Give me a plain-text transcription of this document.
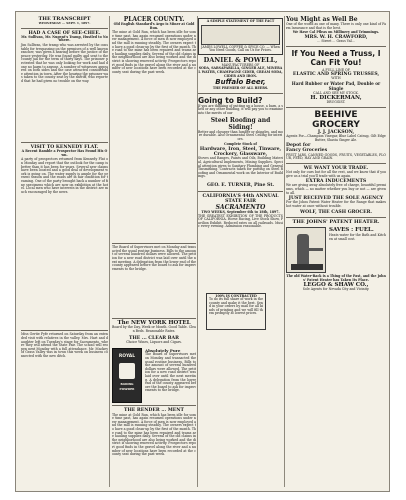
THE TRANSCRIPT
WEDNESDAY ... SEPT. 1, 1897.
HAD A CASE OF SEE-CHEE.
Mr. Sullivan, Mr. Nugent's Tramp, Hustled to Nowhere.
Jim Sullivan, the tramp who was arrested by the constable for trespassing on the premises of a well known rancher, was given a hearing before the justice of the peace yesterday. He was found guilty and sent to the county jail for the term of thirty days. The prisoner protested that he was only looking for work and had done no harm to anyone. A number of witnesses appeared on both sides and the case attracted considerable attention in town. After the hearing the prisoner was taken to the county seat by the sheriff, who reported that he had given no trouble on the way.
VISIT TO KENNEDY FLAT.
A Recent Ramble a Prospector Has Found His Own.
A party of prospectors returned from Kennedy Flat on Monday and report that the outlook for the camp is better than it has been for years. Several new claims have been located and a good deal of development work is going on. The water supply is ample for the present season and the roads are in fair condition for teaming. One of the party brought back a number of fine specimens which are now on exhibition at the hotel. Local men who have interests in the district are much encouraged by the news.
Miss Gertie Fyfe returned on Saturday from an extended visit with relatives in the valley. Mrs. Hart and daughter left on Tuesday's stage for Sacramento, where they will attend the State Fair. The school will reopen next Monday with a full attendance. Mr. Mackey of Grass Valley was in town this week on business connected with the new ditch.
PLACER COUNTY.
Old English Standard's Argo is Miner at Gold Run.
The mine at Gold Run, which has been idle for some time past, has again resumed operations under new management. A force of men is now employed and the mill is running steadily. The owners expect to have a good clean-up by the first of the month. The road to the mine has been repaired and teams are hauling supplies daily. Several of the old claims in the neighborhood are also being worked and the district is showing renewed activity. Prospectors report good finds in the gravel along the river and a number of new locations have been recorded at the county seat during the past week.
The Board of Supervisors met on Monday and transacted the usual routine business. Bills to the amount of several hundred dollars were allowed. The petition for a new road district was laid over until the next meeting. A delegation from the lower end of the county appeared before the board to ask for improvements to the bridge.
The NEW YORK HOTEL
Board by the Day, Week or Month. Good Table. Clean Beds. Reasonable Rates.
THE ... CLEAR BAR
Choice Wines, Liquors and Cigars.
ROYAL
BAKING POWDER
Absolutely Pure
The Board of Supervisors met on Monday and transacted the usual routine business. Bills to the amount of several hundred dollars were allowed. The petition for a new road district was laid over until the next meeting. A delegation from the lower end of the county appeared before the board to ask for improvements to the bridge.
THE RENDER ... MENT
The mine at Gold Run, which has been idle for some time past, has again resumed operations under new management. A force of men is now employed and the mill is running steadily. The owners expect to have a good clean-up by the first of the month. The road to the mine has been repaired and teams are hauling supplies daily. Several of the old claims in the neighborhood are also being worked and the district is showing renewed activity. Prospectors report good finds in the gravel along the river and a number of new locations have been recorded at the county seat during the past week.
A SIMPLE STATEMENT OF THE FACT
JAMES LOWELL COFFEE & SPICE CO. — When You Need Goods, Call on Us for Prices.
DANIEL & POWELL,
MANUFACTURERS OF
SODA, SARSAPARILLA, GINGER ALE, MINERAL WATER, CHAMPAGNE CIDER, CREAM SODA, CIDER AND IRON.
Buffalo Beer,
THE PREMIER OF ALL BEERS.
Going to Build?
If you are thinking of putting up a house, a barn, a shed or any other building, it will pay you to examine into the merits of our
Steel Roofing and Siding!
Better and cheaper than lumber or shingles, and more durable. Also Ornamental Steel Ceiling for interiors.
Complete Stock of
Hardware, Iron, Steel, Tinware, Crockery, Glassware,
Stoves and Ranges, Paints and Oils, Building Material, Agricultural Implements, Mining Supplies. Special attention given to Sanitary Plumbing and General Tinsmithing. Contracts taken for putting on Steel Roofing and Ornamental work on the Interior of Buildings.
GEO. E. TURNER, Pine St.
CALIFORNIA'S 44th ANNUAL STATE FAIR
SACRAMENTO
TWO WEEKS, September 6th to 18th, 1897.
THE GREATEST EXHIBITION OF THE PRODUCTS OF CALIFORNIA. Horse Racing, Live Stock Show, Pavilion Exhibit. Reduced rates on all railroads. Music every evening. Admission reasonable.
100% IS CONTRACTED
To do its full share of work in the county and make it the best. Send in your orders by mail for all kinds of printing and we will fill them promptly at lowest prices.
You Might as Well Be
One of the world as one of many. There is only one kind of Farm Insurance and that is the best.
We Have Cal Pfleas on Millinery and Trimmings.
MRS. W. H. CRAWFORD,
... Street ... Grass Val...
If You Need a Truss, I Can Fit You!
A FULL LINE OF
ELASTIC AND SPRING TRUSSES,
WITH
Hard Rubber or Water Pad, Double or Single
CALL AND SEE MY STOCK.
H. DICKERMAN,
DRUGGIST.
BEEHIVE
GROCERY
J. J. JACKSON,
Agents For—Champion Vinegar, Blue Label Catsup, Gilt Edge Butter, Shasta Ginger Ale.
Depot for
Fancy Groceries
FRUIT JARS, CANNED GOODS, FRUITS, VEGETABLES, FLOUR, FEED, HAY AND GRAIN.
WE WANT YOUR TRADE.
Not only for ours but for all the rest, and we know that if you give us a trial you'll trade with us again.
EXTRA INDUCEMENTS
We are giving away absolutely free of charge, beautiful premiums, which — no matter whether you buy or not — are given to all.
JUST RECEIVED THE SOLE AGENCY
For the Johns Patent Water Heater for the Range that makes hot water at once without trouble.
WOLF, THE CASH GROCER.
THE JOHNS' PATENT HEATER.
SAVES : FUEL.
Heats water for the Bath and Kitchen at small cost.
The old Water-Back is a Thing of the Past, and the Johns' Patent Heater has Taken Its Place.
LEGGO & SHAW CO.,
Sole Agents for Nevada City and Vicinity.
